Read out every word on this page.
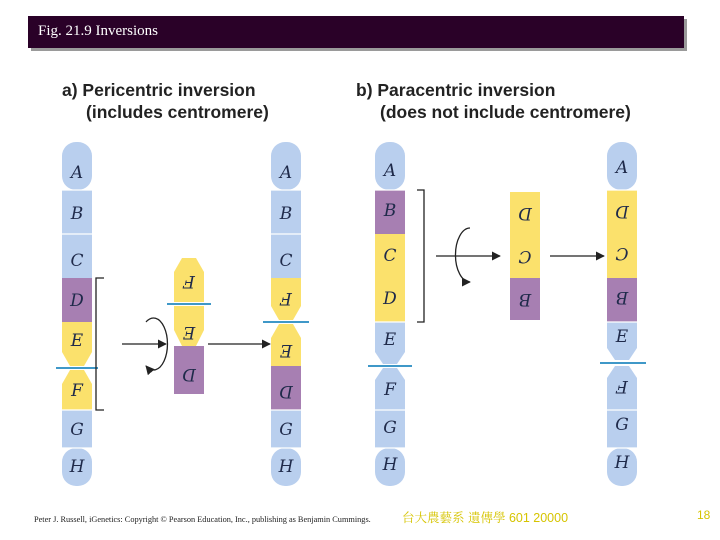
Fig. 21.9 Inversions
a) Pericentric inversion
(includes centromere)
b) Paracentric inversion
(does not include centromere)
A
B
C
D
E
F
G
H
F
E
D
A
B
C
F
E
D
G
H
A
B
C
D
E
F
G
H
D
C
B
A
D
C
B
E
F
G
H
Peter J. Russell, iGenetics: Copyright © Pearson Education, Inc., publishing as Benjamin Cummings. 台大農藝系 遺傳學 601 20000	18
